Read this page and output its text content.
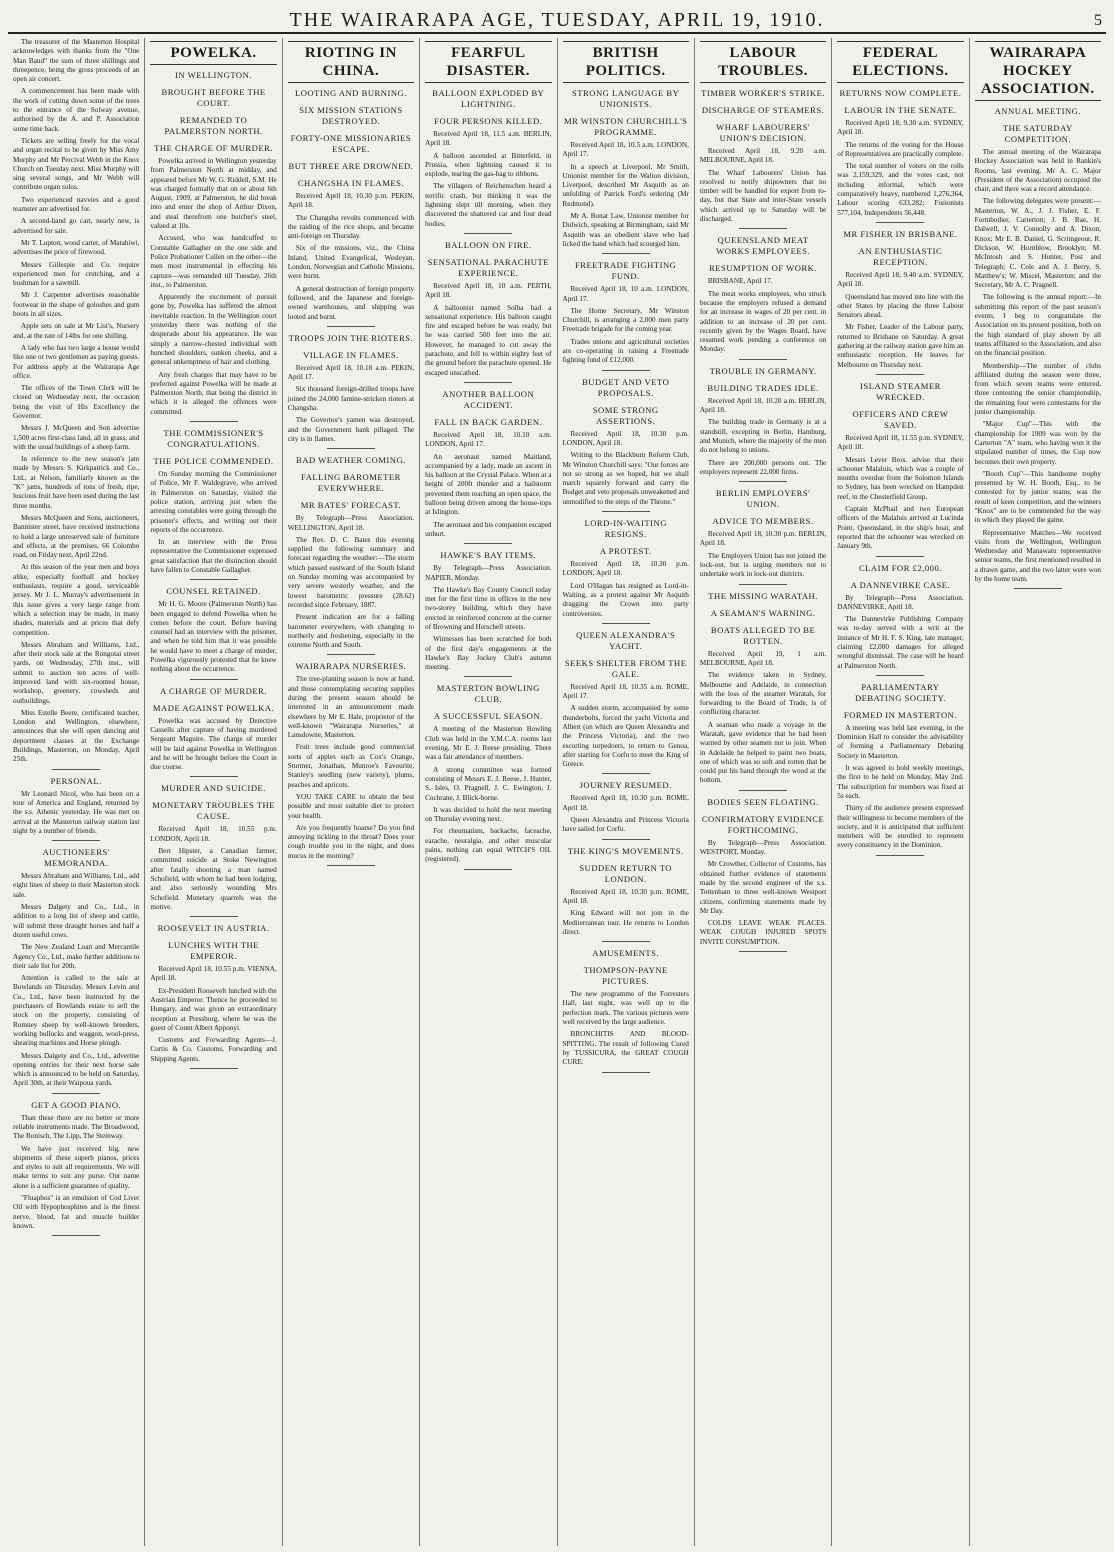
THE WAIRARAPA AGE, TUESDAY, APRIL 19, 1910.	5

The treasurer of the Masterton Hospital acknowledges with thanks from the "One Man Band" the sum of three shillings and threepence, being the gross proceeds of an open air concert.

A commencement has been made with the work of cutting down some of the trees to the entrance of the Solway avenue, authorised by the A. and P. Association some time back.

Tickets are selling freely for the vocal and organ recital to be given by Miss Amy Murphy and Mr Percival Webb in the Knox Church on Tuesday next. Miss Murphy will sing several songs, and Mr Webb will contribute organ solos.

Two experienced navvies and a good teamster are advertised for.

A second-hand go cart, nearly new, is advertised for sale.

Mr T. Lupton, wood carter, of Matahiwi, advertises the price of firewood.

Messrs Gillespie and Co. require experienced men for crutching, and a bushman for a sawmill.

Mr J. Carpenter advertises reasonable footwear in the shape of goloshes and gum boots in all sizes.

Apple sets on sale at Mr List's, Nursery and, at the rate of 14lbs for one shilling.

A lady who has two large a house would like one or two gentlemen as paying guests. For address apply at the Wairarapa Age office.

The offices of the Town Clerk will be closed on Wednesday next, the occasion being the visit of His Excellency the Governor.

Messrs J. McQueen and Son advertise 1,500 acres first-class land, all in grass, and with the usual buildings of a sheep farm.

In reference to the new season's jam made by Messrs S. Kirkpatrick and Co., Ltd., at Nelson, familiarly known as the "K" jams, hundreds of tons of fresh, ripe, luscious fruit have been used during the last three months.

Messrs McQueen and Sons, auctioneers, Bannister street, have received instructions to hold a large unreserved sale of furniture and effects, at the premises, 66 Colombo road, on Friday next, April 22nd.

At this season of the year men and boys alike, especially football and hockey enthusiasts, require a good, serviceable jersey. Mr J. L. Murray's advertisement in this issue gives a very large range from which a selection may be made, in many shades, materials and at prices that defy competition.

Messrs Abraham and Williams, Ltd., after their stock sale at the Rongotai street yards, on Wednesday, 27th inst., will submit to auction ten acres of well-improved land with six-roomed house, workshop, greenery, cowsheds and outbuildings.

Miss Estelle Beere, certificated teacher, London and Wellington, elsewhere, announces that she will open dancing and deportment classes at the Exchange Buildings, Masterton, on Monday, April 25th.

PERSONAL.

Mr Leonard Nicol, who has been on a tour of America and England, returned by the s.s. Athenic yesterday. He was met on arrival at the Masterton railway station last night by a number of friends.

AUCTIONEERS' MEMORANDA.

Messrs Abraham and Williams, Ltd., add eight lines of sheep to their Masterton stock sale.

Messrs Dalgety and Co., Ltd., in addition to a long list of sheep and cattle, will submit three draught horses and half a dozen useful cows.

The New Zealand Loan and Mercantile Agency Co., Ltd., make further additions to their sale list for 20th.

Attention is called to the sale at Bowlands on Thursday. Messrs Levin and Co., Ltd., have been instructed by the purchasers of Bowlands estate to sell the stock on the property, consisting of Romney sheep by well-known breeders, working bullocks and waggon, wool-press, shearing machines and Horse plough.

Messrs Dalgety and Co., Ltd., advertise opening entries for their next horse sale which is announced to be held on Saturday, April 30th, at their Waipoua yards.

GET A GOOD PIANO.

Than these there are no better or more reliable instruments made. The Broadwood, The Ronisch, The Lipp, The Steinway.

We have just received big, new shipments of these superb pianos, prices and styles to suit all requirements. We will make terms to suit any purse. Our name alone is a sufficient guarantee of quality.

"Fluaphos" is an emulsion of Cod Liver Oil with Hypophosphites and is the finest nerve, blood, fat and muscle builder known.

POWELKA.
IN WELLINGTON.
BROUGHT BEFORE THE COURT.
REMANDED TO PALMERSTON NORTH.
THE CHARGE OF MURDER.

Powelka arrived in Wellington yesterday from Palmerston North at midday, and appeared before Mr W. G. Riddell, S.M. He was charged formally that on or about 6th August, 1909, at Palmerston, he did break into and enter the shop of Arthur Dixon, and steal therefrom one butcher's steel, valued at 10s.

Accused, who was handcuffed to Constable Gallagher on the one side and Police Probationer Cullen on the other—the men most instrumental in effecting his capture—was remanded till Tuesday, 26th inst., to Palmerston.

Apparently the excitement of pursuit gone by, Powelka has suffered the almost inevitable reaction. In the Wellington court yesterday there was nothing of the desperado about his appearance. He was simply a narrow-chested individual with hunched shoulders, sunken cheeks, and a general unkemptness of hair and clothing.

Any fresh charges that may have to be preferred against Powelka will be made at Palmerston North, that being the district in which it is alleged the offences were committed.

THE COMMISSIONER'S CONGRATULATIONS.
THE POLICE COMMENDED.

On Sunday morning the Commissioner of Police, Mr F. Waldegrave, who arrived in Palmerston on Saturday, visited the police station, arriving just when the arresting constables were going through the prisoner's effects, and writing out their reports of the occurrence.

In an interview with the Press representative the Commissioner expressed great satisfaction that the distinction should have fallen to Constable Gallagher.

COUNSEL RETAINED.

Mr H. G. Moore (Palmerston North) has been engaged to defend Powelka when he comes before the court. Before leaving counsel had an interview with the prisoner, and when he told him that it was possible he would have to meet a charge of murder, Powelka vigorously protested that he knew nothing about the occurrence.

A CHARGE OF MURDER.
MADE AGAINST POWELKA.

Powelka was accused by Detective Cassells after capture of having murdered Sergeant Maguire. The charge of murder will be laid against Powelka in Wellington and he will be brought before the Court in due course.

MURDER AND SUICIDE.
MONETARY TROUBLES THE CAUSE.

Received April 18, 10.55 p.m. LONDON, April 18.

Bert Hipster, a Canadian farmer, committed suicide at Stoke Newington after fatally shooting a man named Schofield, with whom he had been lodging, and also seriously wounding Mrs Schofield. Monetary quarrels was the motive.

ROOSEVELT IN AUSTRIA.
LUNCHES WITH THE EMPEROR.

Received April 18, 10.55 p.m. VIENNA, April 18.

Ex-President Roosevelt lunched with the Austrian Emperor. Thence he proceeded to Hungary, and was given an extraordinary reception at Pressburg, where he was the guest of Count Albert Apponyi.

Customs and Forwarding Agents—J. Curtis & Co. Customs, Forwarding and Shipping Agents.

RIOTING IN CHINA.
LOOTING AND BURNING.
SIX MISSION STATIONS DESTROYED.
FORTY-ONE MISSIONARIES ESCAPE.
BUT THREE ARE DROWNED.
CHANGSHA IN FLAMES.

Received April 18, 10.30 p.m. PEKIN, April 18.

The Changsha revolts commenced with the raiding of the rice shops, and became anti-foreign on Thursday.

Six of the missions, viz., the China Inland, United Evangelical, Wesleyan, London, Norwegian and Catholic Missions, were burnt.

A general destruction of foreign property followed, and the Japanese and foreign-owned warehouses, and shipping was looted and burnt.

TROOPS JOIN THE RIOTERS.
VILLAGE IN FLAMES.

Received April 18, 10.18 a.m. PEKIN, April 17.

Six thousand foreign-drilled troops have joined the 24,000 famine-stricken rioters at Changsha.

The Governor's yamen was destroyed, and the Government bank pillaged. The city is in flames.

BAD WEATHER COMING.
FALLING BAROMETER EVERYWHERE.
MR BATES' FORECAST.

By Telegraph—Press Association. WELLINGTON, April 18.

The Rev. D. C. Bates this evening supplied the following summary and forecast regarding the weather:—The storm which passed eastward of the South Island on Sunday morning was accompanied by very severe westerly weather, and the lowest barometric pressure (28.62) recorded since February, 1887.

Present indication are for a falling barometer everywhere, with changing to northerly and freshening, especially in the extreme North and South.

WAIRARAPA NURSERIES.

The tree-planting season is now at hand, and those contemplating securing supplies during the present season should be interested in an announcement made elsewhere by Mr E. Hale, proprietor of the well-known "Wairarapa Nurseries," at Lansdowne, Masterton.

Fruit trees include good commercial sorts of apples such as Cox's Orange, Sturmer, Jonathan, Munroe's Favourite, Stanley's seedling (new variety), plums, peaches and apricots.

YOU TAKE CARE to obtain the best possible and most suitable diet to protect your health.

Are you frequently hoarse? Do you find annoying tickling in the throat? Does your cough trouble you in the night, and does mucus in the morning?

FEARFUL DISASTER.
BALLOON EXPLODED BY LIGHTNING.
FOUR PERSONS KILLED.

Received April 18, 11.5 a.m. BERLIN, April 18.

A balloon ascended at Bitterfeld, in Prussia, when lightning caused it to explode, tearing the gas-bag to ribbons.

The villagers of Reichenschen heard a terrific crash, but thinking it was the lightning slept till morning, when they discovered the shattered car and four dead bodies.

BALLOON ON FIRE.
SENSATIONAL PARACHUTE EXPERIENCE.

Received April 18, 10 a.m. PERTH, April 18.

A balloonist named Solba had a sensational experience. His balloon caught fire and escaped before he was ready, but he was carried 500 feet into the air. However, he managed to cut away the parachute, and fell to within eighty feet of the ground before the parachute opened. He escaped unscathed.

ANOTHER BALLOON ACCIDENT.
FALL IN BACK GARDEN.

Received April 18, 10.10 a.m. LONDON, April 17.

An aeronaut named Maitland, accompanied by a lady, made an ascent in his balloon at the Crystal Palace. When at a height of 200ft thunder and a hailstorm prevented them reaching an open space, the balloon being driven among the house-tops at Islington.

The aeronaut and his companion escaped unhurt.

HAWKE'S BAY ITEMS.

By Telegraph—Press Association. NAPIER, Monday.

The Hawke's Bay County Council today met for the first time in offices in the new two-storey building, which they have erected in reinforced concrete at the corner of Browning and Herschell streets.

Winnesses has been scratched for both of the first day's engagements at the Hawke's Bay Jockey Club's autumn meeting.

MASTERTON BOWLING CLUB.
A SUCCESSFUL SEASON.

A meeting of the Masterton Bowling Club was held in the Y.M.C.A. rooms last evening, Mr E. J. Reese presiding. There was a fair attendance of members.

A strong committee was formed consisting of Messrs E. J. Reese, J. Hunter, S. Isles, O. Pragnell, J. C. Ewington, J. Cochrane, J. Blick-borne.

It was decided to hold the next meeting on Thursday evening next.

For rheumatism, backache, faceache, earache, neuralgia, and other muscular pains, nothing can equal WITCH'S OIL (registered).

BRITISH POLITICS.
STRONG LANGUAGE BY UNIONISTS.
MR WINSTON CHURCHILL'S PROGRAMME.

Received April 18, 10.5 a.m. LONDON, April 17.

In a speech at Liverpool, Mr Smith, Unionist member for the Walton division, Liverpool, described Mr Asquith as an unfolding of Patrick Ford's ordering (Mr Redmond).

Mr A. Bonar Law, Unionist member for Dulwich, speaking at Birmingham, said Mr Asquith was an obedient slave who had licked the hand which had scourged him.

FREETRADE FIGHTING FUND.

Received April 18, 10 a.m. LONDON, April 17.

The Home Secretary, Mr Winston Churchill, is arranging a 2,000 men party Freetrade brigade for the coming year.

Trades unions and agricultural societies are co-operating in raising a Freetrade fighting fund of £12,000.

BUDGET AND VETO PROPOSALS.
SOME STRONG ASSERTIONS.

Received April 18, 10.30 p.m. LONDON, April 18.

Writing to the Blackburn Reform Club, Mr Winston Churchill says: "Our forces are not so strong as we hoped, but we shall march squarely forward and carry the Budget and veto proposals unweakened and unmodified to the steps of the Throne."

LORD-IN-WAITING RESIGNS.
A PROTEST.

Received April 18, 10.30 p.m. LONDON, April 18.

Lord O'Hagan has resigned as Lord-in-Waiting, as a protest against Mr Asquith dragging the Crown into party controversies.

QUEEN ALEXANDRA'S YACHT.
SEEKS SHELTER FROM THE GALE.

Received April 18, 10.35 a.m. ROME, April 17.

A sudden storm, accompanied by some thunderbolts, forced the yacht Victoria and Albert (on which are Queen Alexandra and the Princess Victoria), and the two escorting torpedoers, to return to Genoa, after starting for Corfu to meet the King of Greece.

JOURNEY RESUMED.

Received April 18, 10.30 p.m. ROME, April 18.

Queen Alexandra and Princess Victoria have sailed for Corfu.

THE KING'S MOVEMENTS.
SUDDEN RETURN TO LONDON.

Received April 18, 10.30 p.m. ROME, April 18.

King Edward will not join in the Mediterranean tour. He returns to London direct.

AMUSEMENTS.
THOMPSON-PAYNE PICTURES.

The new programme of the Forresters Hall, last night, was well up to the perfection mark. The various pictures were well received by the large audience.

BRONCHITIS AND BLOOD-SPITTING. The result of following Cured by TUSSICURA, the GREAT COUGH CURE.

LABOUR TROUBLES.
TIMBER WORKER'S STRIKE.
DISCHARGE OF STEAMERS.
WHARF LABOURERS' UNION'S DECISION.

Received April 18, 9.20 a.m. MELBOURNE, April 18.

The Wharf Labourers' Union has resolved to notify shipowners that no timber will be handled for export from to-day, but that State and inter-State vessels which arrived up to Saturday will be discharged.

QUEENSLAND MEAT WORKS EMPLOYEES.
RESUMPTION OF WORK.

BRISBANE, April 17.

The meat works employees, who struck because the employers refused a demand for an increase in wages of 20 per cent. in addition to an increase of 20 per cent. recently given by the Wages Board, have resumed work pending a conference on Monday.

TROUBLE IN GERMANY.
BUILDING TRADES IDLE.

Received April 18, 10.20 a.m. BERLIN, April 18.

The building trade in Germany is at a standstill, excepting in Berlin, Hamburg, and Munich, where the majority of the men do not belong to unions.

There are 200,000 persons out. The employers represent 22,000 firms.

BERLIN EMPLOYERS' UNION.
ADVICE TO MEMBERS.

Received April 18, 10.30 p.m. BERLIN, April 18.

The Employers Union has not joined the lock-out, but is urging members not to undertake work in lock-out districts.

THE MISSING WARATAH.
A SEAMAN'S WARNING.
BOATS ALLEGED TO BE ROTTEN.

Received April 19, 1 a.m. MELBOURNE, April 18.

The evidence taken in Sydney, Melbourne and Adelaide, in connection with the loss of the steamer Waratah, for forwarding to the Board of Trade, is of conflicting character.

A seaman who made a voyage in the Waratah, gave evidence that he had been warned by other seamen not to join. When in Adelaide he helped to paint two boats, one of which was so soft and rotten that he could put his hand through the wood at the bottom.

BODIES SEEN FLOATING.
CONFIRMATORY EVIDENCE FORTHCOMING.

By Telegraph—Press Association. WESTPORT, Monday.

Mr Crowther, Collector of Customs, has obtained further evidence of statements made by the second engineer of the s.s. Tottenham to three well-known Westport citizens, confirming statements made by Mr Day.

COLDS LEAVE WEAK PLACES. WEAK COUGH INJURED SPOTS INVITE CONSUMPTION.

FEDERAL ELECTIONS.
RETURNS NOW COMPLETE.
LABOUR IN THE SENATE.

Received April 18, 9.30 a.m. SYDNEY, April 18.

The returns of the voting for the House of Representatives are practically complete.

The total number of voters on the rolls was 2,159,329, and the votes cast, not including informal, which were comparatively heavy, numbered 1,276,364, Labour scoring 633,282; Fusionists 577,104, Independents 56,448.

MR FISHER IN BRISBANE.
AN ENTHUSIASTIC RECEPTION.

Received April 18, 9.40 a.m. SYDNEY, April 18.

Queensland has moved into line with the other States by placing the three Labour Senators ahead.

Mr Fisher, Leader of the Labour party, returned to Brisbane on Saturday. A great gathering at the railway station gave him an enthusiastic reception. He leaves for Melbourne on Thursday next.

ISLAND STEAMER WRECKED.
OFFICERS AND CREW SAVED.

Received April 18, 11.55 p.m. SYDNEY, April 18.

Messrs Lever Bros. advise that their schooner Malaluis, which was a couple of months overdue from the Solomon Islands to Sydney, has been wrecked on Hampden reef, in the Chesterfield Group.

Captain McPhail and two European officers of the Malaluis arrived at Lucinda Point, Queensland, in the ship's boat, and reported that the schooner was wrecked on January 9th.

CLAIM FOR £2,000.
A DANNEVIRKE CASE.

By Telegraph—Press Association. DANNEVIRKE, April 18.

The Dannevirke Publishing Company was to-day served with a writ at the instance of Mr H. F. S. King, late manager, claiming £2,000 damages for alleged wrongful dismissal. The case will be heard at Palmerston North.

PARLIAMENTARY DEBATING SOCIETY.
FORMED IN MASTERTON.

A meeting was held last evening, in the Dominion Hall to consider the advisability of forming a Parliamentary Debating Society in Masterton.

It was agreed to hold weekly meetings, the first to be held on Monday, May 2nd. The subscription for members was fixed at 5s each.

Thirty of the audience present expressed their willingness to become members of the society, and it is anticipated that sufficient members will be enrolled to represent every constituency in the Dominion.

WAIRARAPA HOCKEY ASSOCIATION.
ANNUAL MEETING.
THE SATURDAY COMPETITION.

The annual meeting of the Wairarapa Hockey Association was held in Rankin's Rooms, last evening. Mr A. C. Major (President of the Association) occupied the chair, and there was a record attendance.

The following delegates were present:—Masterton, W. A., J. J. Fisher, E. F. Fortnbother, Carterton; J. B. Rae, H. Dalwell, J. V. Connolly and A. Dixon, Knox; Mr E. B. Daniel, G. Scrimgeour, R. Dickson, W. Hornblow, Brooklyn; M. McIntosh and S. Hunter, Post and Telegraph; C. Cole and A. J. Berry, S. Matthew's; W. Miscel, Masterton; and the Secretary, Mr A. C. Pragnell.

The following is the annual report:—In submitting this report of the past season's events, I beg to congratulate the Association on its present position, both on the high standard of play shown by all teams affiliated to the Association, and also on the financial position.

Membership—The number of clubs affiliated during the season were three, from which seven teams were entered, three contesting the senior championship, the remaining four were contestants for the junior championship.

"Major Cup"—This with the championship for 1909 was won by the Carterton "A" team, who having won it the stipulated number of times, the Cup now becomes their own property.

"Booth Cup"—This handsome trophy presented by W. H. Booth, Esq., to be contested for by junior teams, was the result of keen competition, and the winners "Knox" are to be commended for the way in which they played the game.

Representative Matches—We received visits from the Wellington, Wellington Wednesday and Manawatu representative senior teams, the first mentioned resulted in a drawn game, and the two latter were won by the home team.
